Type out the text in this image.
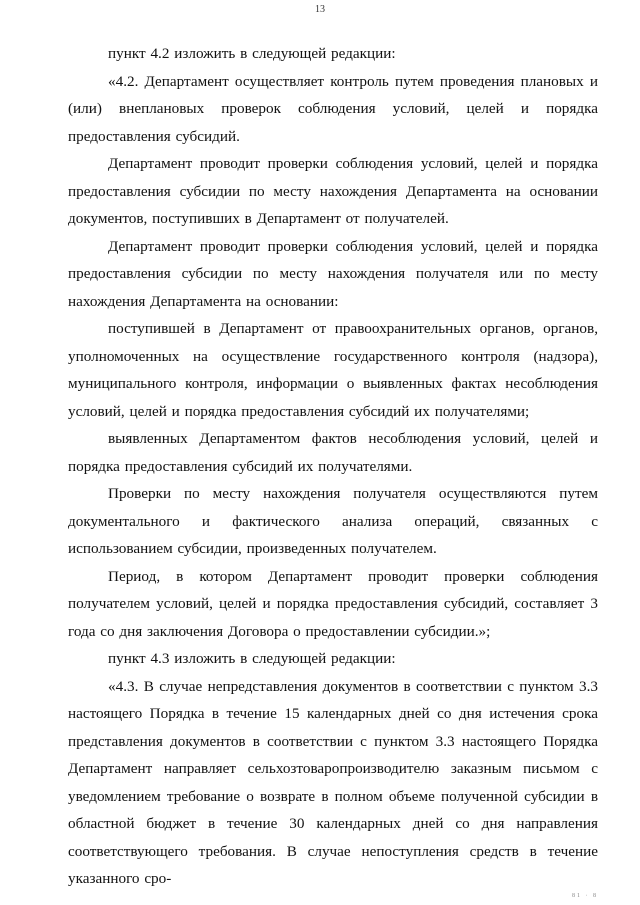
13

пункт 4.2 изложить в следующей редакции:

«4.2. Департамент осуществляет контроль путем проведения плановых и (или) внеплановых проверок соблюдения условий, целей и порядка предоставления субсидий.

Департамент проводит проверки соблюдения условий, целей и порядка предоставления субсидии по месту нахождения Департамента на основании документов, поступивших в Департамент от получателей.

Департамент проводит проверки соблюдения условий, целей и порядка предоставления субсидии по месту нахождения получателя или по месту нахождения Департамента на основании:

поступившей в Департамент от правоохранительных органов, органов, уполномоченных на осуществление государственного контроля (надзора), муниципального контроля, информации о выявленных фактах несоблюдения условий, целей и порядка предоставления субсидий их получателями;

выявленных Департаментом фактов несоблюдения условий, целей и порядка предоставления субсидий их получателями.

Проверки по месту нахождения получателя осуществляются путем документального и фактического анализа операций, связанных с использованием субсидии, произведенных получателем.

Период, в котором Департамент проводит проверки соблюдения получателем условий, целей и порядка предоставления субсидий, составляет 3 года со дня заключения Договора о предоставлении субсидии.»;

пункт 4.3 изложить в следующей редакции:

«4.3. В случае непредставления документов в соответствии с пунктом 3.3 настоящего Порядка в течение 15 календарных дней со дня истечения срока представления документов в соответствии с пунктом 3.3 настоящего Порядка Департамент направляет сельхозтоваропроизводителю заказным письмом с уведомлением требование о возврате в полном объеме полученной субсидии в областной бюджет в течение 30 календарных дней со дня направления соответствующего требования. В случае непоступления средств в течение указанного сро-

81 · 8
